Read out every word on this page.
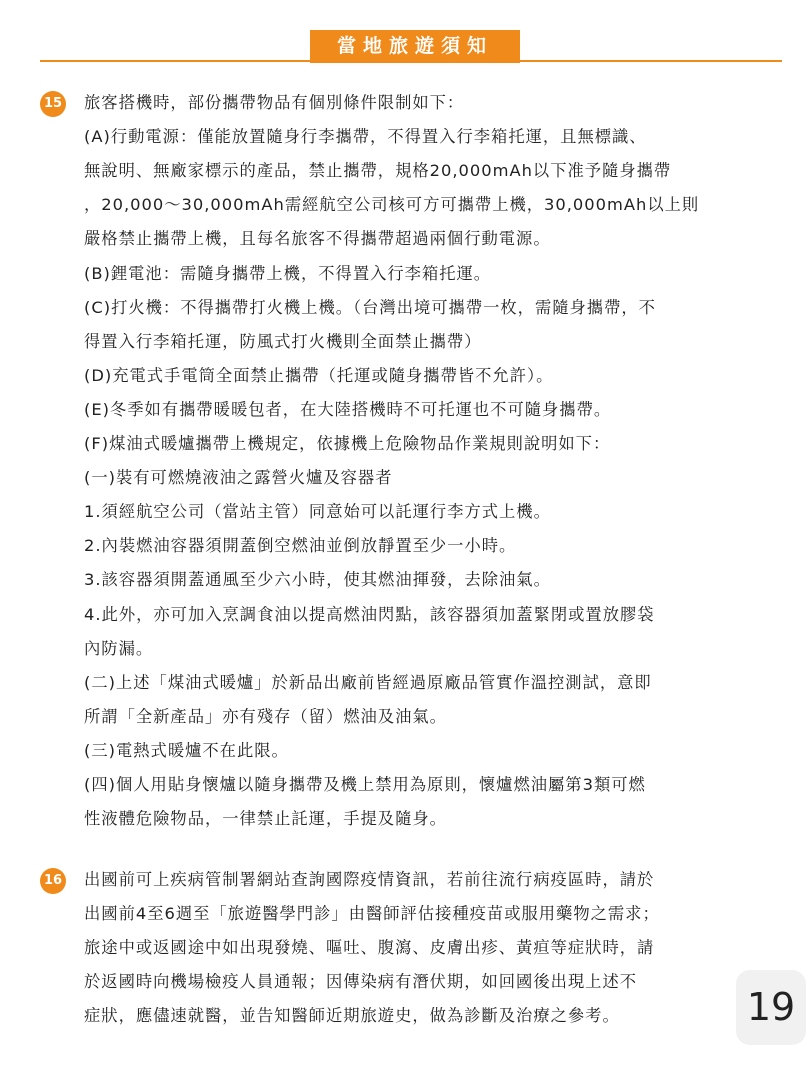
當地旅遊須知
15
16
旅客搭機時，部份攜帶物品有個別條件限制如下：
(A)行動電源：僅能放置隨身行李攜帶，不得置入行李箱托運，且無標識、
無說明、無廠家標示的產品，禁止攜帶，規格20,000mAh以下准予隨身攜帶
，20,000～30,000mAh需經航空公司核可方可攜帶上機，30,000mAh以上則
嚴格禁止攜帶上機，且每名旅客不得攜帶超過兩個行動電源。
(B)鋰電池：需隨身攜帶上機，不得置入行李箱托運。
(C)打火機：不得攜帶打火機上機。（台灣出境可攜帶一枚，需隨身攜帶，不
得置入行李箱托運，防風式打火機則全面禁止攜帶）
(D)充電式手電筒全面禁止攜帶（托運或隨身攜帶皆不允許）。
(E)冬季如有攜帶暖暖包者，在大陸搭機時不可托運也不可隨身攜帶。
(F)煤油式暖爐攜帶上機規定，依據機上危險物品作業規則說明如下：
(一)裝有可燃燒液油之露營火爐及容器者
1.須經航空公司（當站主管）同意始可以託運行李方式上機。
2.內裝燃油容器須開蓋倒空燃油並倒放靜置至少一小時。
3.該容器須開蓋通風至少六小時，使其燃油揮發，去除油氣。
4.此外，亦可加入烹調食油以提高燃油閃點，該容器須加蓋緊閉或置放膠袋
內防漏。
(二)上述「煤油式暖爐」於新品出廠前皆經過原廠品管實作溫控測試，意即
所謂「全新產品」亦有殘存（留）燃油及油氣。
(三)電熱式暖爐不在此限。
(四)個人用貼身懷爐以隨身攜帶及機上禁用為原則，懷爐燃油屬第3類可燃
性液體危險物品，一律禁止託運，手提及隨身。
出國前可上疾病管制署網站查詢國際疫情資訊，若前往流行病疫區時，請於
出國前4至6週至「旅遊醫學門診」由醫師評估接種疫苗或服用藥物之需求；
旅途中或返國途中如出現發燒、嘔吐、腹瀉、皮膚出疹、黃疸等症狀時，請
於返國時向機場檢疫人員通報；因傳染病有潛伏期，如回國後出現上述不
症狀，應儘速就醫，並告知醫師近期旅遊史，做為診斷及治療之參考。	19
